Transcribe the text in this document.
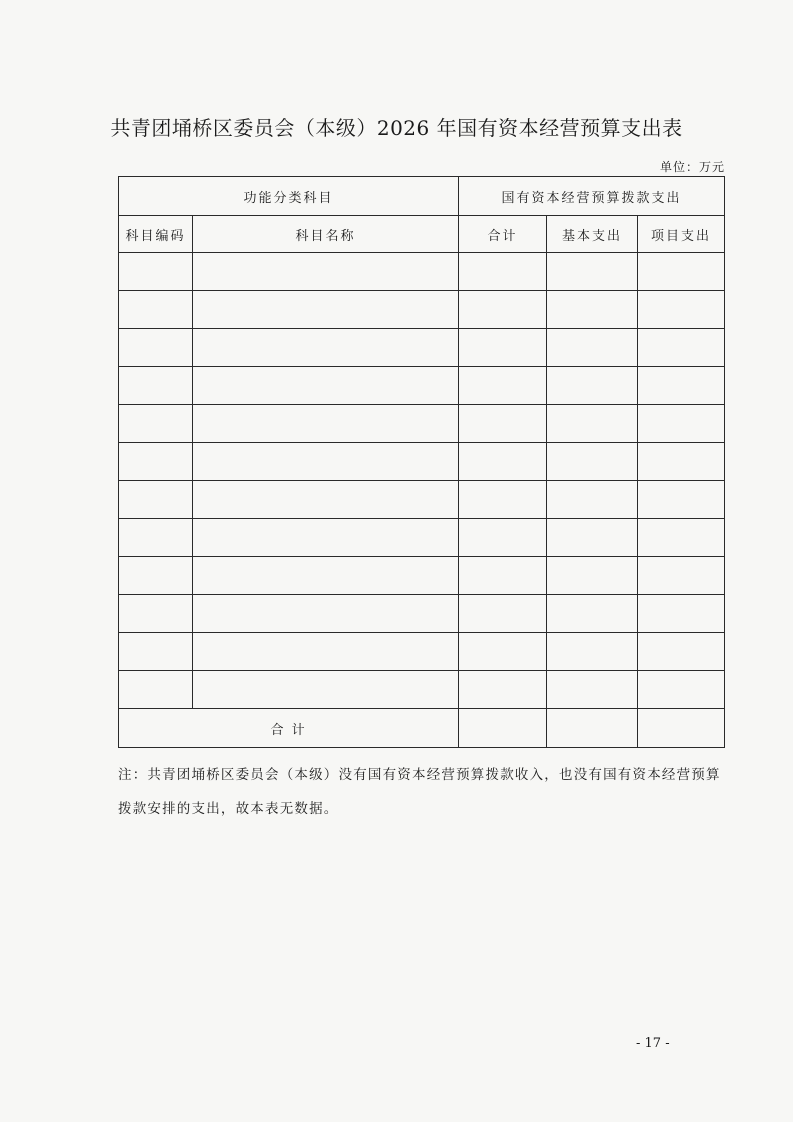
共青团埇桥区委员会（本级）2026 年国有资本经营预算支出表
单位：万元
功能分类科目		国有资本经营预算拨款支出		
科目编码	科目名称	合计	基本支出	项目支出

合 计				
注：共青团埇桥区委员会（本级）没有国有资本经营预算拨款收入，也没有国有资本经营预算拨款安排的支出，故本表无数据。
- 17 -
